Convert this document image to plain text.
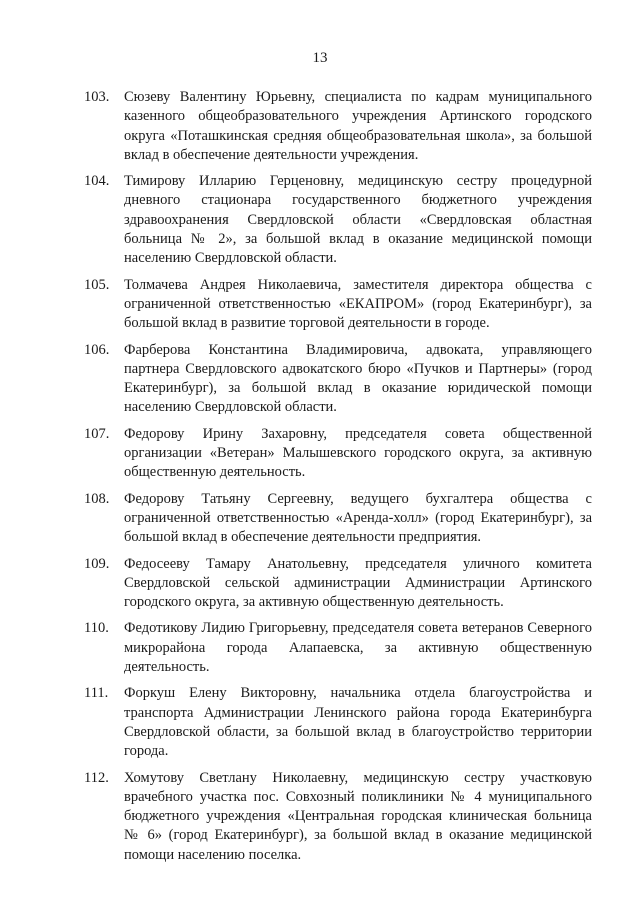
13
103. Сюзеву Валентину Юрьевну, специалиста по кадрам муниципального казенного общеобразовательного учреждения Артинского городского округа «Поташкинская средняя общеобразовательная школа», за большой вклад в обеспечение деятельности учреждения.
104. Тимирову Илларию Герценовну, медицинскую сестру процедурной дневного стационара государственного бюджетного учреждения здравоохранения Свердловской области «Свердловская областная больница № 2», за большой вклад в оказание медицинской помощи населению Свердловской области.
105. Толмачева Андрея Николаевича, заместителя директора общества с ограниченной ответственностью «ЕКАПРОМ» (город Екатеринбург), за большой вклад в развитие торговой деятельности в городе.
106. Фарберова Константина Владимировича, адвоката, управляющего партнера Свердловского адвокатского бюро «Пучков и Партнеры» (город Екатеринбург), за большой вклад в оказание юридической помощи населению Свердловской области.
107. Федорову Ирину Захаровну, председателя совета общественной организации «Ветеран» Малышевского городского округа, за активную общественную деятельность.
108. Федорову Татьяну Сергеевну, ведущего бухгалтера общества с ограниченной ответственностью «Аренда-холл» (город Екатеринбург), за большой вклад в обеспечение деятельности предприятия.
109. Федосееву Тамару Анатольевну, председателя уличного комитета Свердловской сельской администрации Администрации Артинского городского округа, за активную общественную деятельность.
110. Федотикову Лидию Григорьевну, председателя совета ветеранов Северного микрорайона города Алапаевска, за активную общественную деятельность.
111. Форкуш Елену Викторовну, начальника отдела благоустройства и транспорта Администрации Ленинского района города Екатеринбурга Свердловской области, за большой вклад в благоустройство территории города.
112. Хомутову Светлану Николаевну, медицинскую сестру участковую врачебного участка пос. Совхозный поликлиники № 4 муниципального бюджетного учреждения «Центральная городская клиническая больница № 6» (город Екатеринбург), за большой вклад в оказание медицинской помощи населению поселка.
